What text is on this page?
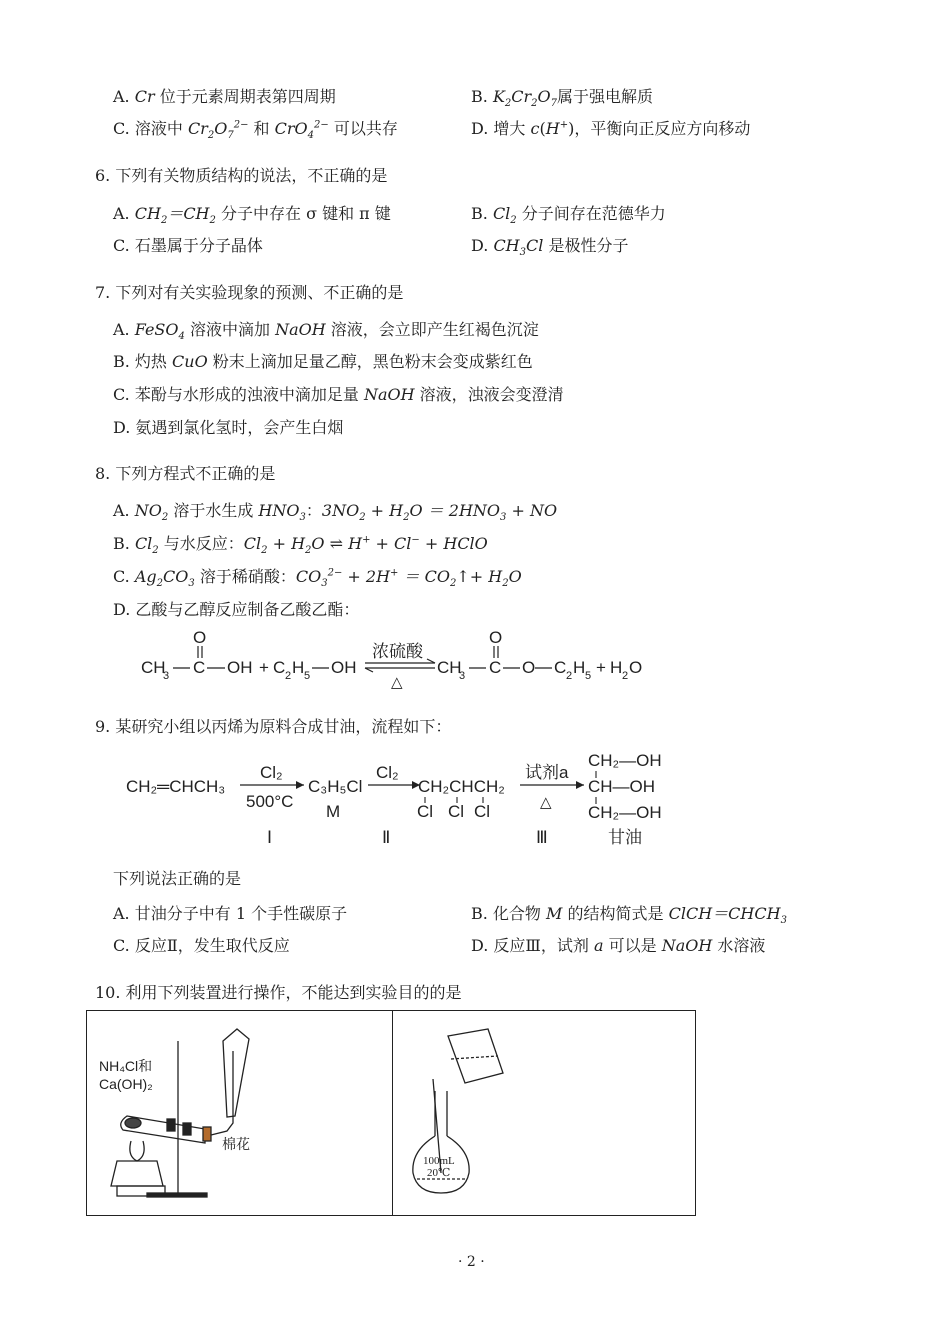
A. Cr 位于元素周期表第四周期	B. $K_2Cr_2O_7$属于强电解质
C. 溶液中 $Cr_2O_7^{2-}$ 和 CrO$_4^{2-}$ 可以共存	D. 增大 c(H+)，平衡向正反应方向移动
6. 下列有关物质结构的说法，不正确的是
A. $CH_2=CH_2$ 分子中存在 σ 键和 π 键	B. $Cl_2$ 分子间存在范德华力
C. 石墨属于分子晶体	D. $CH_3Cl$ 是极性分子
7. 下列对有关实验现象的预测、不正确的是
A. FeSO$_4$ 溶液中滴加 NaOH 溶液，会立即产生红褐色沉淀
B. 灼热 CuO 粉末上滴加足量乙醇，黑色粉末会变成紫红色
C. 苯酚与水形成的浊液中滴加足量 NaOH 溶液，浊液会变澄清
D. 氨遇到氯化氢时，会产生白烟
8. 下列方程式不正确的是
A. $NO_2$ 溶于水生成 $HNO_3$：$3NO_2 + H_2O = 2HNO_3$ + NO
B. $Cl_2$ 与水反应：$Cl_2 + H_2O$ ⇌ H+ + Cl− + HClO
C. $Ag_2CO_3$ 溶于稀硝酸：$CO_3^{2-} + 2H^+$ ＝ $CO_2↑+ H_2O$
D. 乙酸与乙醇反应制备乙酸乙酯：
CH
3 C
O
OH + C 2 H 5 OH
浓硫酸
△
CH
3 C
O
O C 2 H 5 + H 2 O
9. 某研究小组以丙烯为原料合成甘油，流程如下：
CH₂═CHCH₃
Cl₂
500°C
C₃H₅Cl
M
Cl₂
CH₂CHCH₂
Cl Cl Cl
试剂a
△
CH₂—OH
CH—OH
CH₂—OH
Ⅰ	Ⅱ	Ⅲ	甘油
下列说法正确的是
A. 甘油分子中有 1 个手性碳原子	B. 化合物 M 的结构简式是 $ClCH=CHCH_3$
C. 反应Ⅱ，发生取代反应	D. 反应Ⅲ，试剂 a 可以是 NaOH 水溶液
10. 利用下列装置进行操作，不能达到实验目的的是
NH₄Cl和
Ca(OH)₂
棉花

100mL
20℃
· 2 ·
